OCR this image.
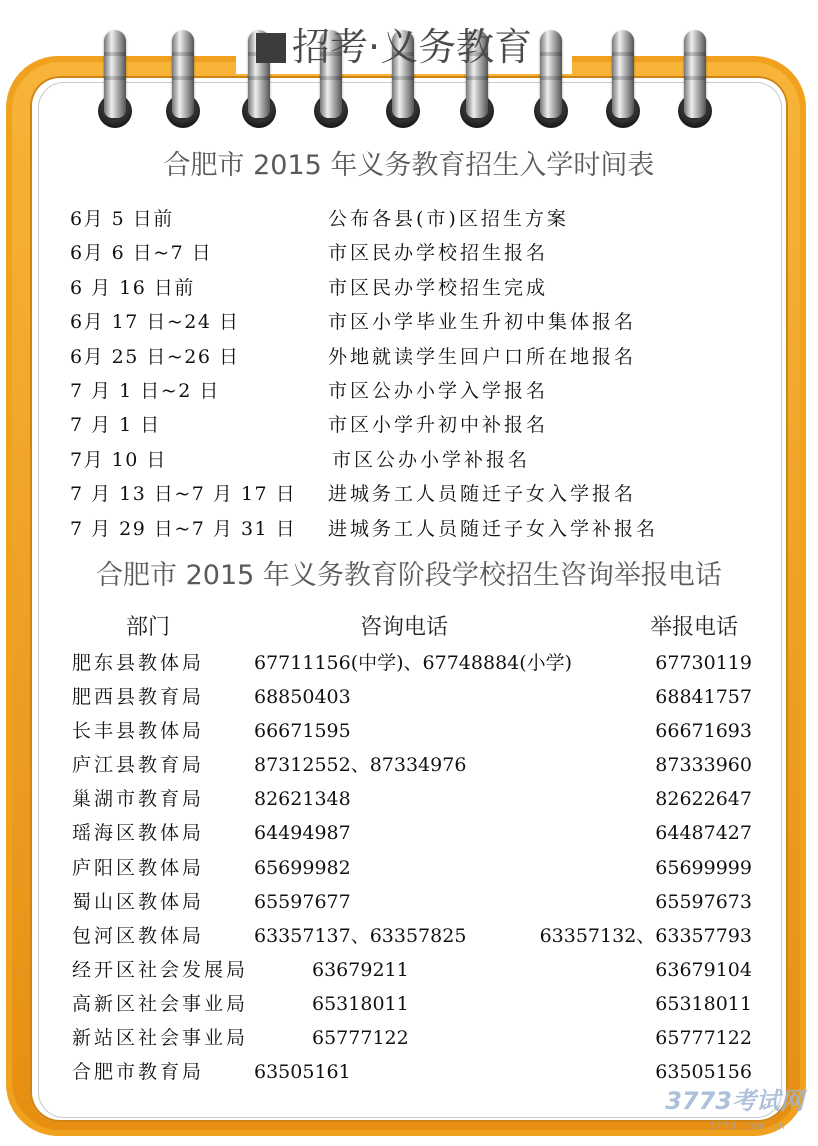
招考·义务教育
合肥市 2015 年义务教育招生入学时间表
6月 5 日前	公布各县(市)区招生方案
6月 6 日~7 日	市区民办学校招生报名
6 月 16 日前	市区民办学校招生完成
6月 17 日~24 日	市区小学毕业生升初中集体报名
6月 25 日~26 日	外地就读学生回户口所在地报名
7 月 1 日~2 日	市区公办小学入学报名
7 月 1 日	市区小学升初中补报名
7月 10 日	市区公办小学补报名
7 月 13 日~7 月 17 日 进城务工人员随迁子女入学报名
7 月 29 日~7 月 31 日 进城务工人员随迁子女入学补报名
合肥市 2015 年义务教育阶段学校招生咨询举报电话
部门	咨询电话	举报电话
肥东县教体局	67711156(中学)、67748884(小学)	67730119
肥西县教育局	68850403	68841757
长丰县教体局	66671595	66671693
庐江县教育局	87312552、87334976	87333960
巢湖市教育局	82621348	82622647
瑶海区教体局	64494987	64487427
庐阳区教体局	65699982	65699999
蜀山区教体局	65597677	65597673
包河区教体局	63357137、63357825	63357132、63357793
经开区社会发展局	63679211	63679104
高新区社会事业局	65318011	65318011
新站区社会事业局	65777122	65777122
合肥市教育局	63505161	63505156
3773考试网
3773.com.cn
